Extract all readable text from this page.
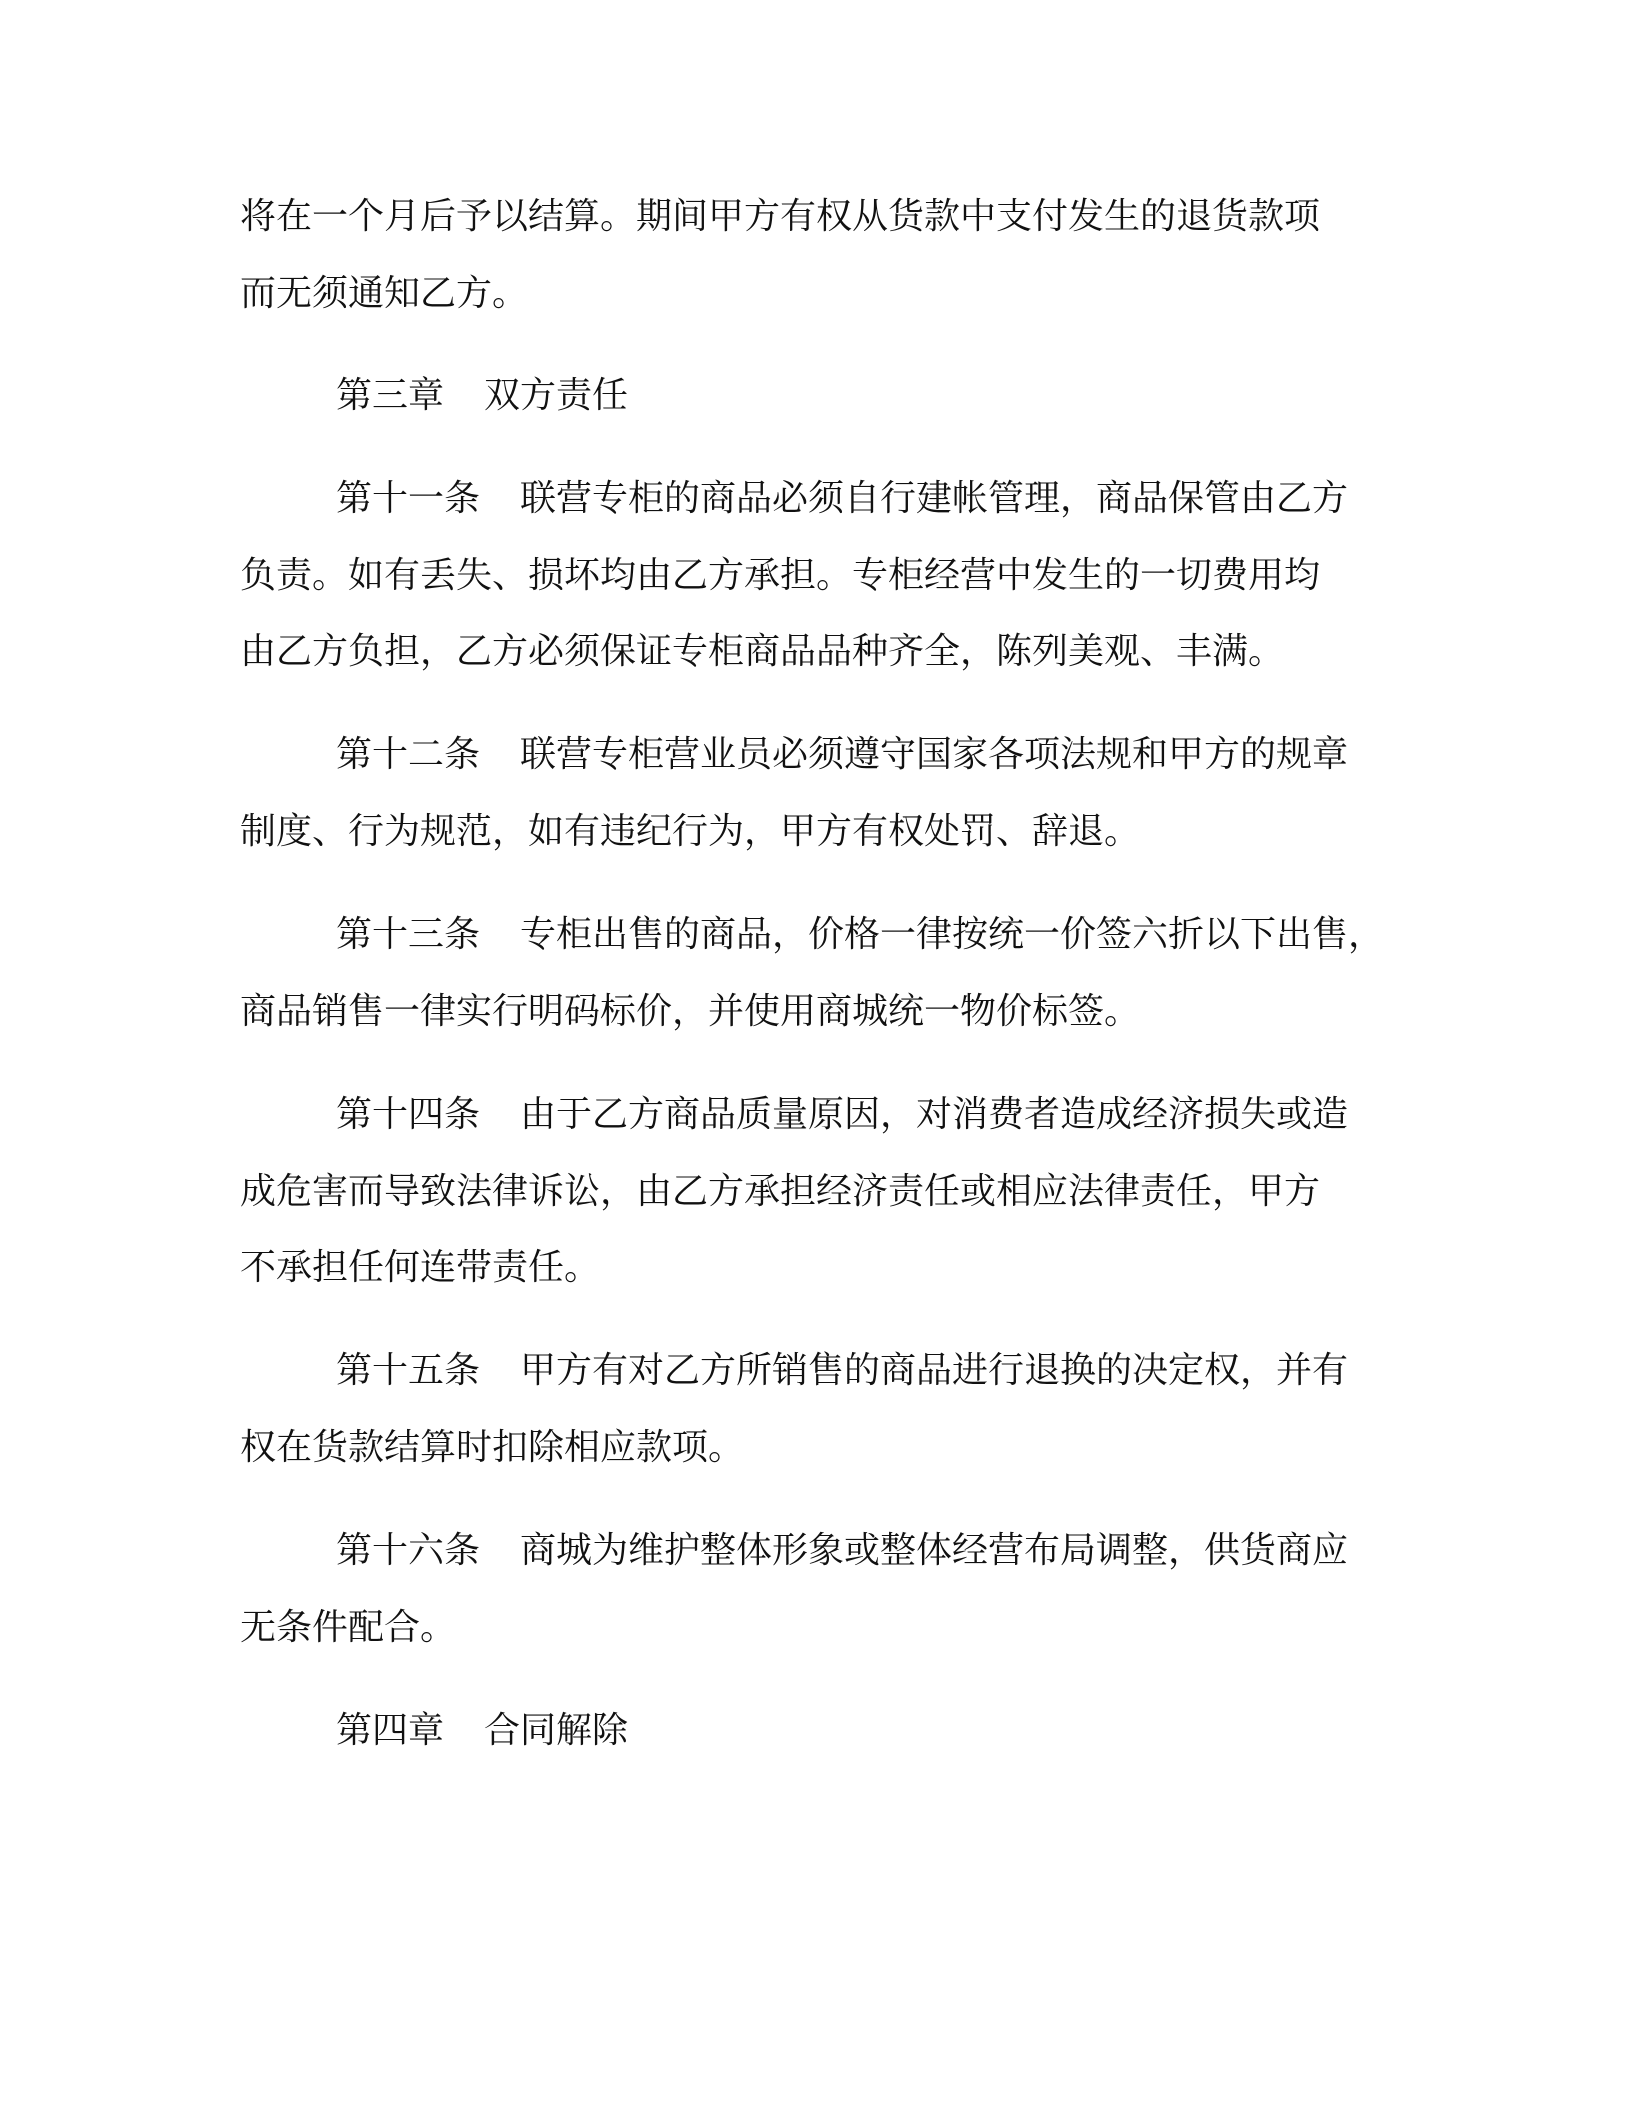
将在一个月后予以结算。期间甲方有权从货款中支付发生的退货款项
而无须通知乙方。
第三章 双方责任
第十一条 联营专柜的商品必须自行建帐管理，商品保管由乙方
负责。如有丢失、损坏均由乙方承担。专柜经营中发生的一切费用均
由乙方负担，乙方必须保证专柜商品品种齐全，陈列美观、丰满。
第十二条 联营专柜营业员必须遵守国家各项法规和甲方的规章
制度、行为规范，如有违纪行为，甲方有权处罚、辞退。
第十三条 专柜出售的商品，价格一律按统一价签六折以下出售，
商品销售一律实行明码标价，并使用商城统一物价标签。
第十四条 由于乙方商品质量原因，对消费者造成经济损失或造
成危害而导致法律诉讼，由乙方承担经济责任或相应法律责任，甲方
不承担任何连带责任。
第十五条 甲方有对乙方所销售的商品进行退换的决定权，并有
权在货款结算时扣除相应款项。
第十六条 商城为维护整体形象或整体经营布局调整，供货商应
无条件配合。
第四章 合同解除
